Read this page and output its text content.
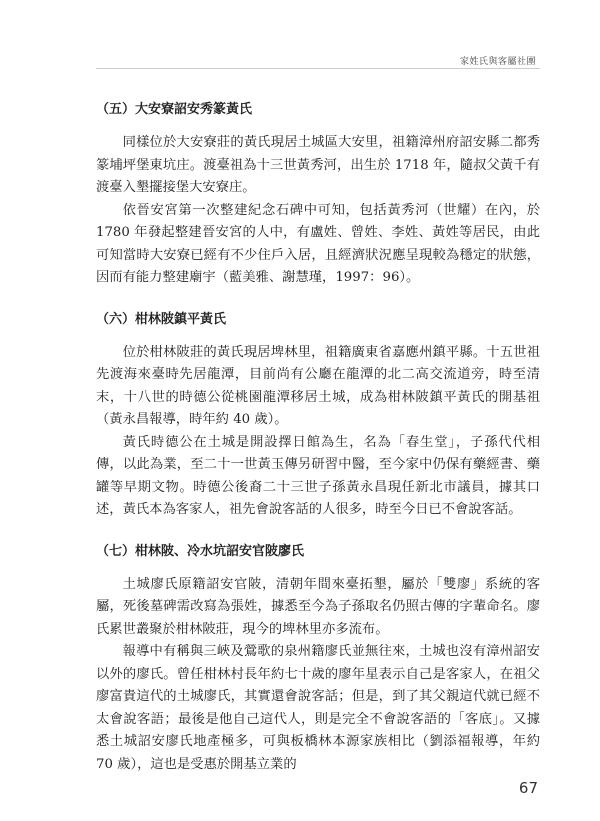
家姓氏與客屬社團
（五）大安寮詔安秀篆黃氏

同樣位於大安寮莊的黃氏現居土城區大安里，祖籍漳州府詔安縣二都秀篆埔坪堡東坑庄。渡臺祖為十三世黃秀河，出生於 1718 年，隨叔父黃千有渡臺入墾擺接堡大安寮庄。

依晉安宮第一次整建紀念石碑中可知，包括黃秀河（世耀）在內，於1780 年發起整建晉安宮的人中，有盧姓、曾姓、李姓、黃姓等居民，由此可知當時大安寮已經有不少住戶入居，且經濟狀況應呈現較為穩定的狀態，因而有能力整建廟宇（藍美雅、謝慧瑾，1997：96）。

（六）柑林陂鎮平黃氏

位於柑林陂莊的黃氏現居埤林里，祖籍廣東省嘉應州鎮平縣。十五世祖先渡海來臺時先居龍潭，目前尚有公廳在龍潭的北二高交流道旁，時至清末，十八世的時德公從桃園龍潭移居土城，成為柑林陂鎮平黃氏的開基祖（黃永昌報導，時年約 40 歲）。

黃氏時德公在土城是開設擇日館為生，名為「春生堂」，子孫代代相傳，以此為業，至二十一世黃玉傳另研習中醫，至今家中仍保有藥經書、藥罐等早期文物。時德公後裔二十三世子孫黃永昌現任新北市議員，據其口述，黃氏本為客家人，祖先會說客話的人很多，時至今日已不會說客話。

（七）柑林陂、冷水坑詔安官陂廖氏

土城廖氏原籍詔安官陂，清朝年間來臺拓墾，屬於「雙廖」系統的客屬，死後墓碑需改寫為張姓，據悉至今為子孫取名仍照古傳的字輩命名。廖氏累世叢聚於柑林陂莊，現今的埤林里亦多流布。

報導中有稱與三峽及鶯歌的泉州籍廖氏並無往來，土城也沒有漳州詔安以外的廖氏。曾任柑林村長年約七十歲的廖年星表示自己是客家人，在祖父廖富貴這代的土城廖氏，其實還會說客話；但是，到了其父親這代就已經不太會說客語；最後是他自己這代人，則是完全不會說客語的「客底」。又據悉土城詔安廖氏地產極多，可與板橋林本源家族相比（劉添福報導，年約 70 歲），這也是受惠於開基立業的

67
